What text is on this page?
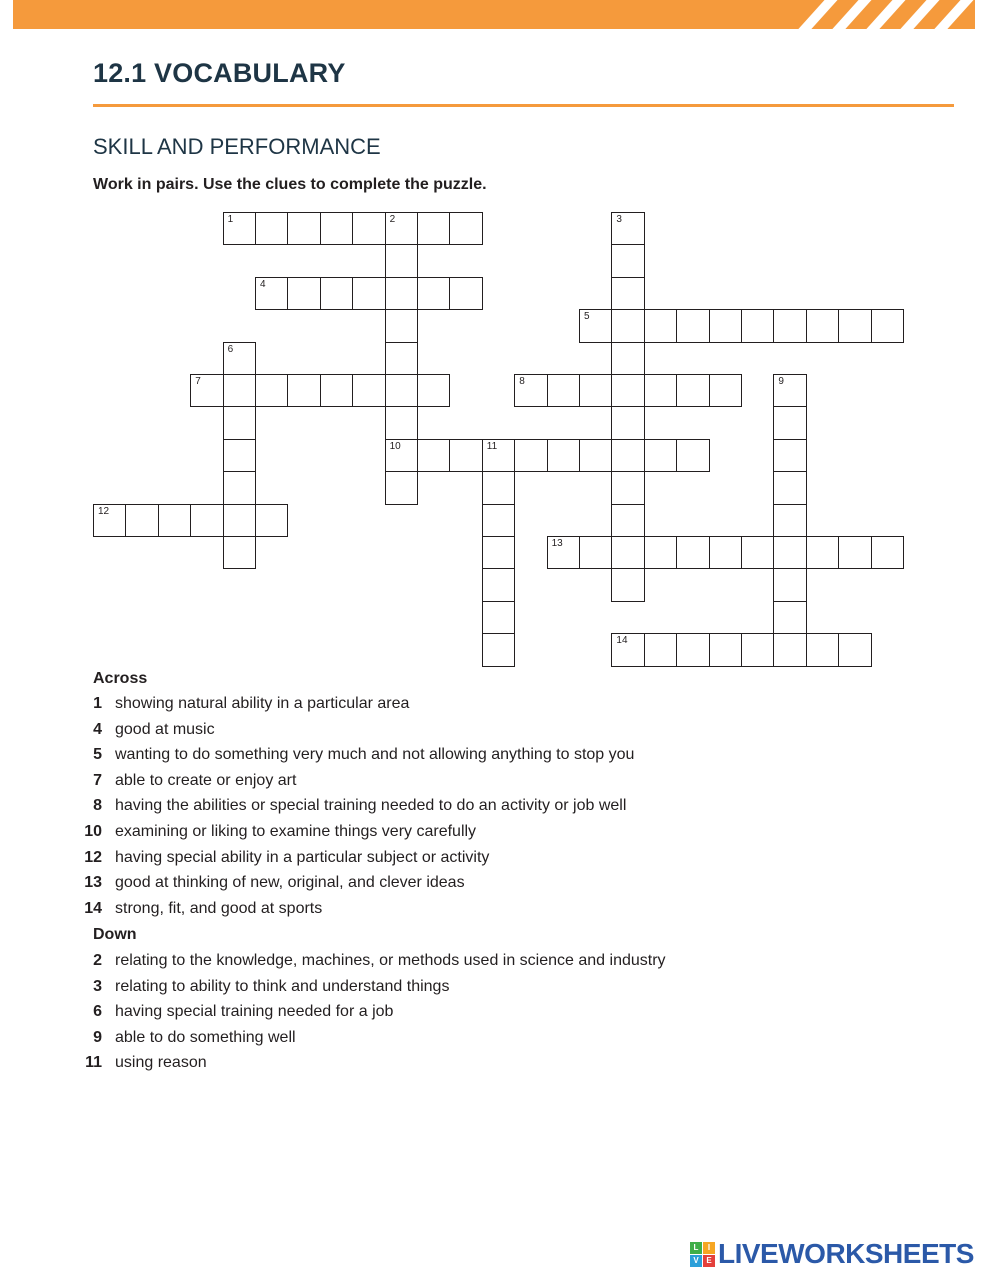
12.1 VOCABULARY
SKILL AND PERFORMANCE

Work in pairs. Use the clues to complete the puzzle.

1	2
10
3
4
5
6
7	8	9
11
12
13
14

Across

1 showing natural ability in a particular area
4 good at music
5 wanting to do something very much and not allowing anything to stop you
7 able to create or enjoy art
8 having the abilities or special training needed to do an activity or job well
10 examining or liking to examine things very carefully
12 having special ability in a particular subject or activity
13 good at thinking of new, original, and clever ideas
14 strong, fit, and good at sports

Down

2 relating to the knowledge, machines, or methods used in science and industry
3 relating to ability to think and understand things
6 having special training needed for a job
9 able to do something well
11 using reason
L	I
V E LIVEWORKSHEETS
